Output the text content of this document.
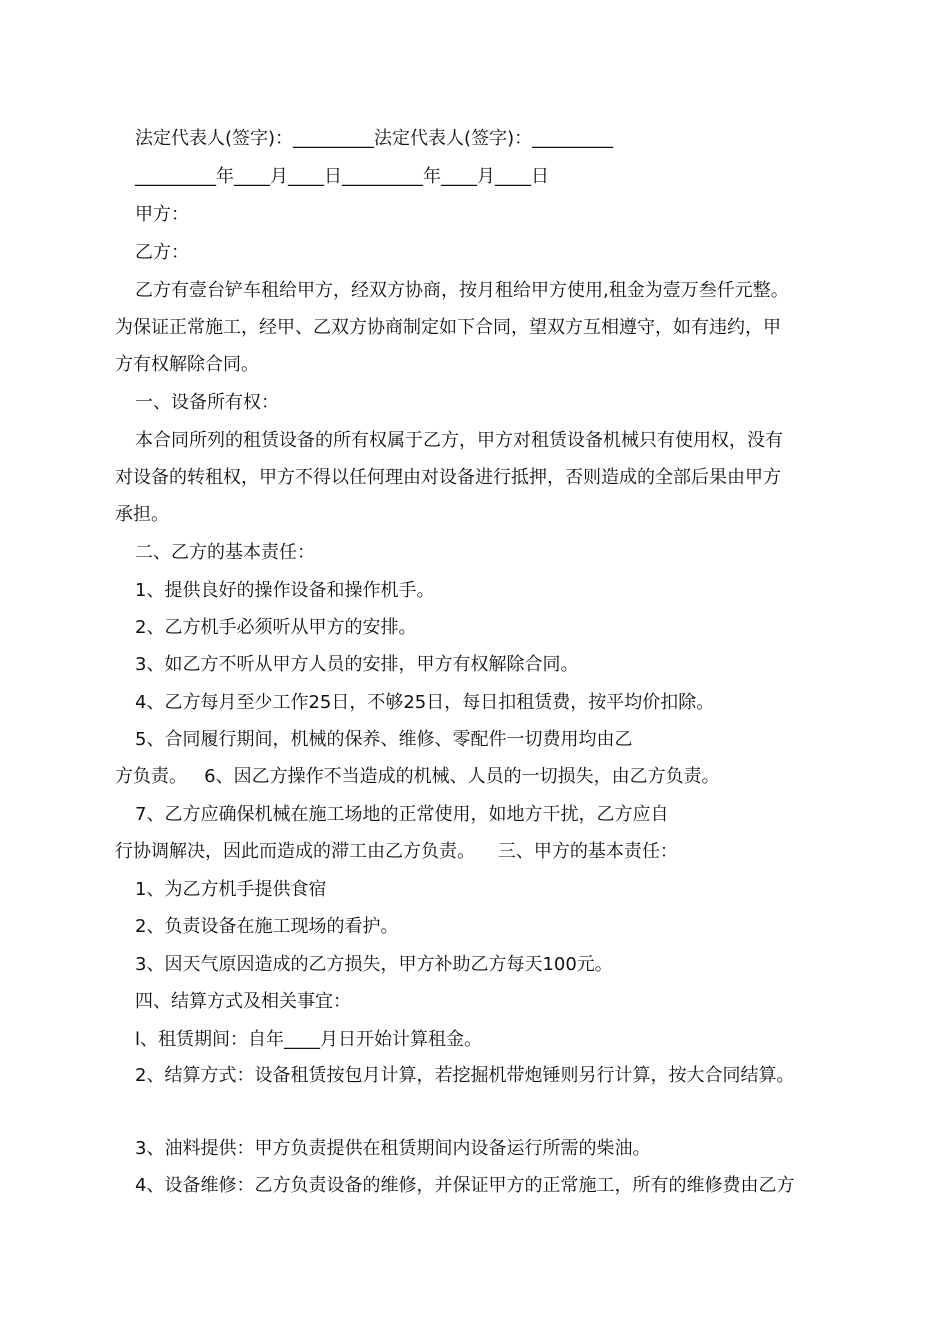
法定代表人(签字)：_________法定代表人(签字)：_________
_________年____月____日_________年____月____日
甲方：
乙方：
乙方有壹台铲车租给甲方，经双方协商，按月租给甲方使用,租金为壹万叁仟元整。
为保证正常施工，经甲、乙双方协商制定如下合同，望双方互相遵守，如有违约，甲
方有权解除合同。
一、设备所有权：
本合同所列的租赁设备的所有权属于乙方，甲方对租赁设备机械只有使用权，没有
对设备的转租权，甲方不得以任何理由对设备进行抵押，否则造成的全部后果由甲方
承担。
二、乙方的基本责任：
1、提供良好的操作设备和操作机手。
2、乙方机手必须听从甲方的安排。
3、如乙方不听从甲方人员的安排，甲方有权解除合同。
4、乙方每月至少工作25日，不够25日，每日扣租赁费，按平均价扣除。
5、合同履行期间，机械的保养、维修、零配件一切费用均由乙
方负责。   6、因乙方操作不当造成的机械、人员的一切损失，由乙方负责。
7、乙方应确保机械在施工场地的正常使用，如地方干扰，乙方应自
行协调解决，因此而造成的滞工由乙方负责。    三、甲方的基本责任：
1、为乙方机手提供食宿
2、负责设备在施工现场的看护。
3、因天气原因造成的乙方损失，甲方补助乙方每天100元。
四、结算方式及相关事宜：
l、租赁期间：自年____月日开始计算租金。
2、结算方式：设备租赁按包月计算，若挖掘机带炮锤则另行计算，按大合同结算。
3、油料提供：甲方负责提供在租赁期间内设备运行所需的柴油。
4、设备维修：乙方负责设备的维修，并保证甲方的正常施工，所有的维修费由乙方
